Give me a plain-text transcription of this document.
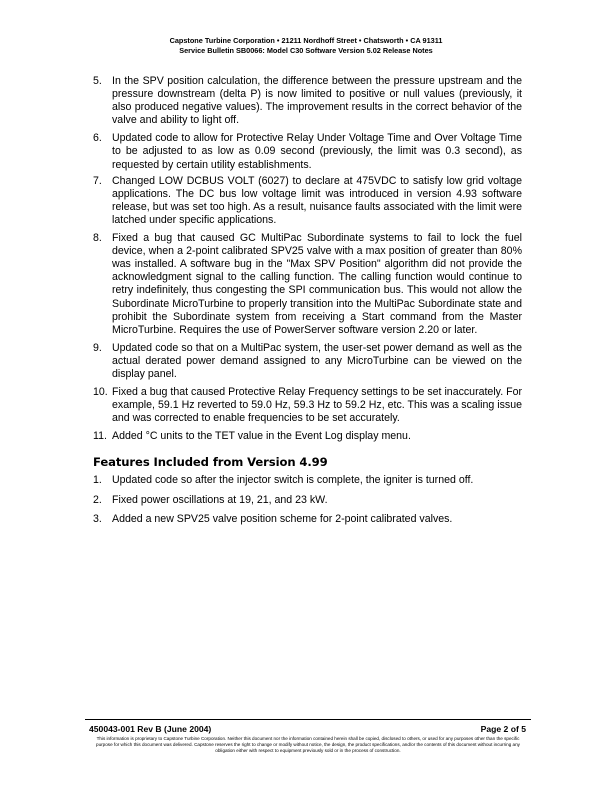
Capstone Turbine Corporation • 21211 Nordhoff Street • Chatsworth • CA 91311
Service Bulletin SB0066: Model C30 Software Version 5.02 Release Notes
5. In the SPV position calculation, the difference between the pressure upstream and the pressure downstream (delta P) is now limited to positive or null values (previously, it also produced negative values). The improvement results in the correct behavior of the valve and ability to light off.
6. Updated code to allow for Protective Relay Under Voltage Time and Over Voltage Time to be adjusted to as low as 0.09 second (previously, the limit was 0.3 second), as requested by certain utility establishments.
7. Changed LOW DCBUS VOLT (6027) to declare at 475VDC to satisfy low grid voltage applications. The DC bus low voltage limit was introduced in version 4.93 software release, but was set too high. As a result, nuisance faults associated with the limit were latched under specific applications.
8. Fixed a bug that caused GC MultiPac Subordinate systems to fail to lock the fuel device, when a 2-point calibrated SPV25 valve with a max position of greater than 80% was installed. A software bug in the "Max SPV Position" algorithm did not provide the acknowledgment signal to the calling function. The calling function would continue to retry indefinitely, thus congesting the SPI communication bus. This would not allow the Subordinate MicroTurbine to properly transition into the MultiPac Subordinate state and prohibit the Subordinate system from receiving a Start command from the Master MicroTurbine. Requires the use of PowerServer software version 2.20 or later.
9. Updated code so that on a MultiPac system, the user-set power demand as well as the actual derated power demand assigned to any MicroTurbine can be viewed on the display panel.
10. Fixed a bug that caused Protective Relay Frequency settings to be set inaccurately. For example, 59.1 Hz reverted to 59.0 Hz, 59.3 Hz to 59.2 Hz, etc. This was a scaling issue and was corrected to enable frequencies to be set accurately.
11. Added °C units to the TET value in the Event Log display menu.
Features Included from Version 4.99
1. Updated code so after the injector switch is complete, the igniter is turned off.
2. Fixed power oscillations at 19, 21, and 23 kW.
3. Added a new SPV25 valve position scheme for 2-point calibrated valves.
450043-001 Rev B (June 2004)	Page 2 of 5
This information is proprietary to Capstone Turbine Corporation. Neither this document nor the information contained herein shall be copied, disclosed to others, or used for any purposes other than the specific purpose for which this document was delivered. Capstone reserves the right to change or modify without notice, the design, the product specifications, and/or the contents of this document without incurring any obligation either with respect to equipment previously sold or in the process of construction.
